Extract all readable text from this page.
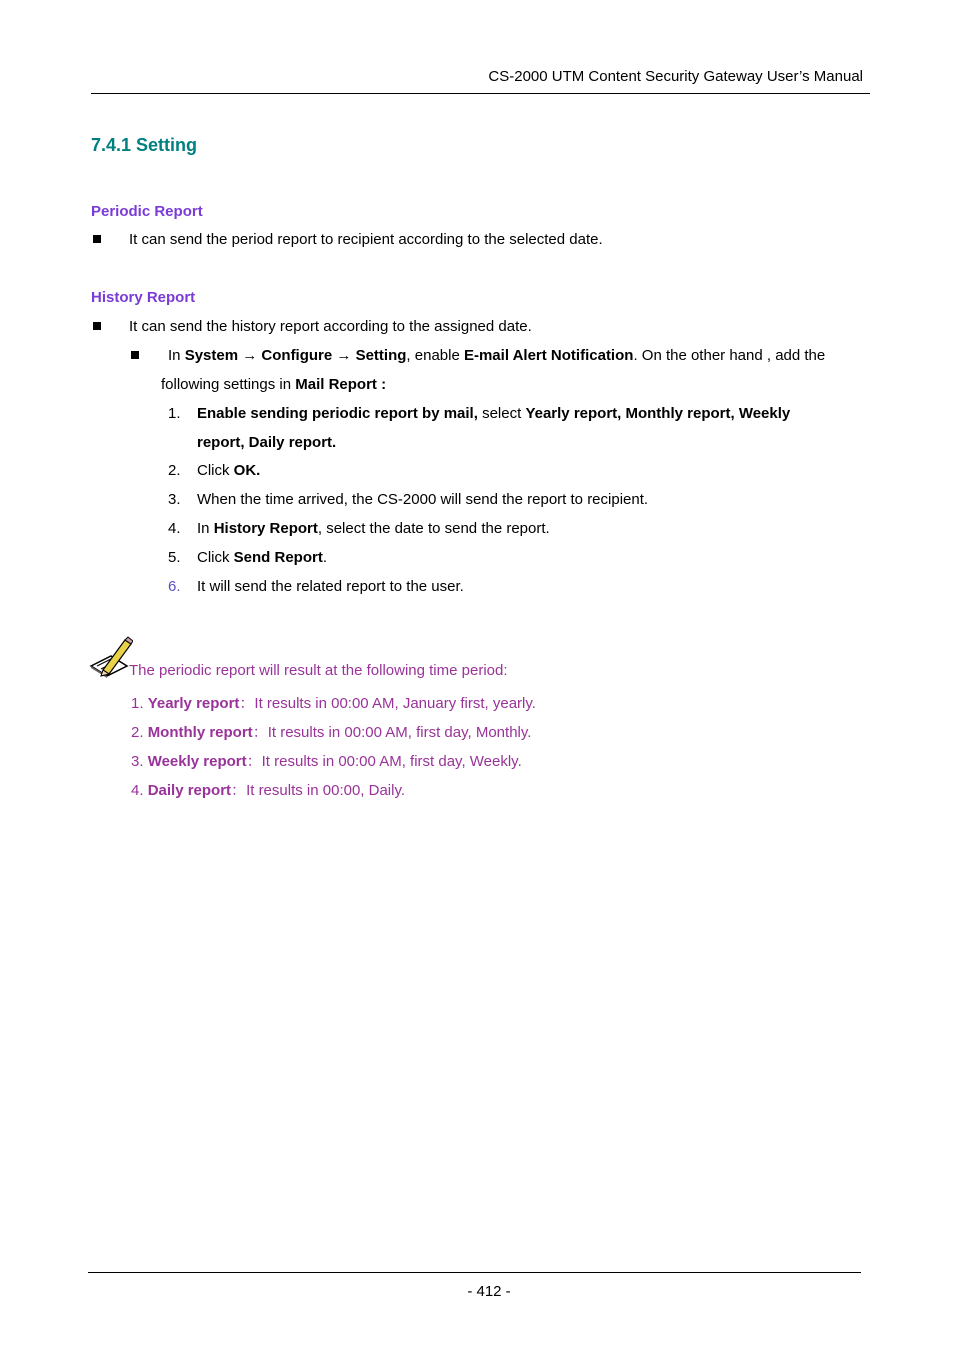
CS-2000 UTM Content Security Gateway User’s Manual
7.4.1 Setting
Periodic Report
It can send the period report to recipient according to the selected date.
History Report
It can send the history report according to the assigned date.
In System → Configure → Setting, enable E-mail Alert Notification. On the other hand , add the
following settings in Mail Report :
1. Enable sending periodic report by mail, select Yearly report, Monthly report, Weekly
report, Daily report.
2. Click OK.
3. When the time arrived, the CS-2000 will send the report to recipient.
4. In History Report, select the date to send the report.
5. Click Send Report.
6. It will send the related report to the user.
The periodic report will result at the following time period:
1. Yearly report：It results in 00:00 AM, January first, yearly.
2. Monthly report：It results in 00:00 AM, first day, Monthly.
3. Weekly report：It results in 00:00 AM, first day, Weekly.
4. Daily report：It results in 00:00, Daily.
- 412 -
